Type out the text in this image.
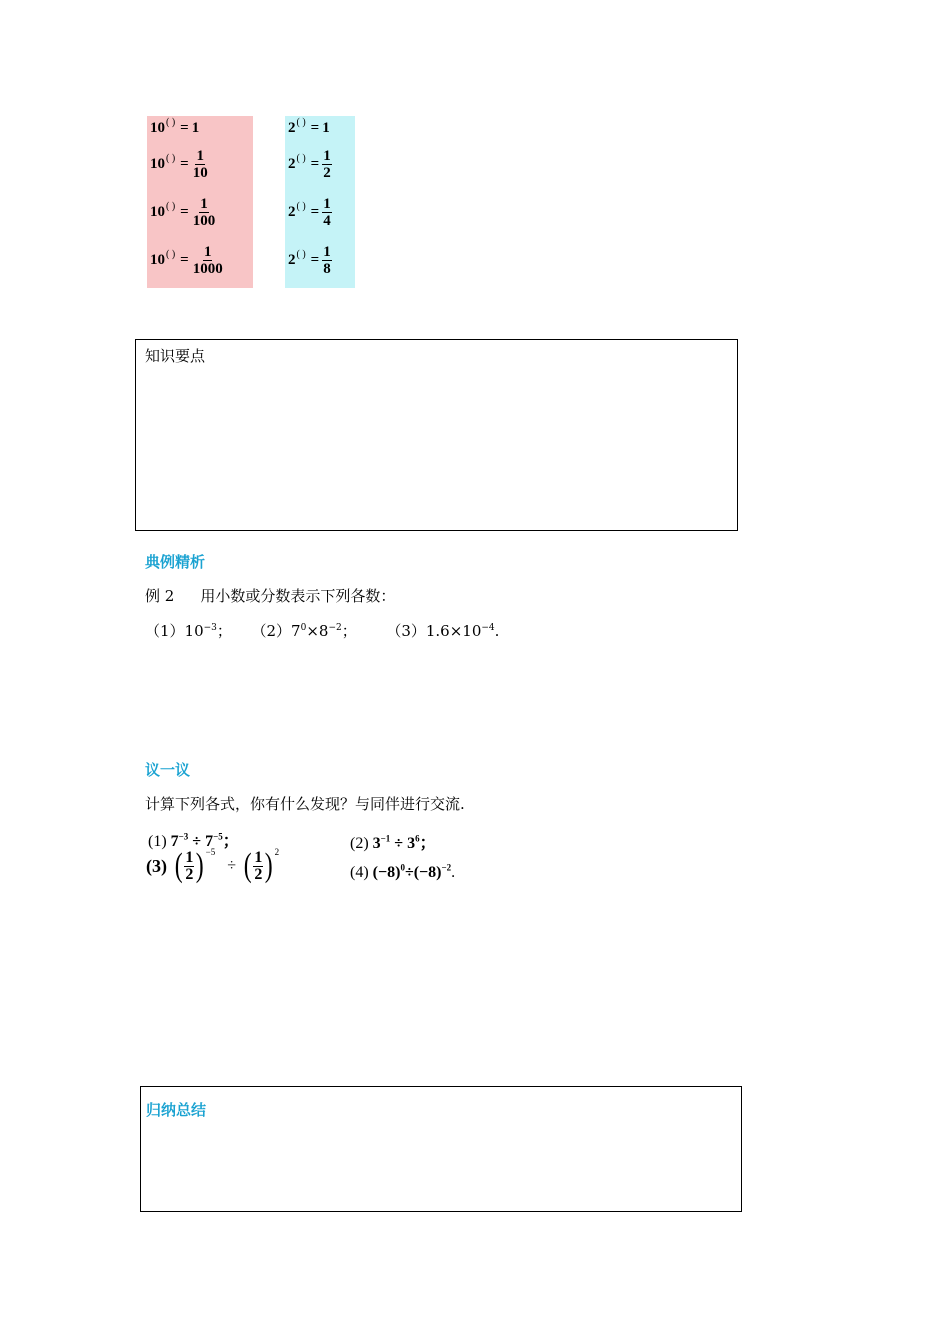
10 ( ) = 1
10 ( ) = $\frac{1}{10}$
10 ( ) = $\frac{1}{100}$
10 ( ) = $\frac{1}{1000}$
2 ( ) = 1
2 ( ) = $\frac{1}{2}$
2 ( ) = $\frac{1}{4}$
2 ( ) = $\frac{1}{8}$
知识要点
典例精析
例 2 用小数或分数表示下列各数：
$(1)10^{-3}$； $(2)7^0\times 8^{-2}$； $(3)1.6\times 10^{-4}$.
议一议
计算下列各式，你有什么发现？与同伴进行交流.
(1) $7^{-3} \div 7^{-5}$；	(2) $3^{-1} \div 3^6$；
(3) ( $\frac{1}{2} )^{-5}$
÷ ( $\frac{1}{2} )^2$
(4) $(-8)^0\div(-8)^{-2}$.
归纳总结
